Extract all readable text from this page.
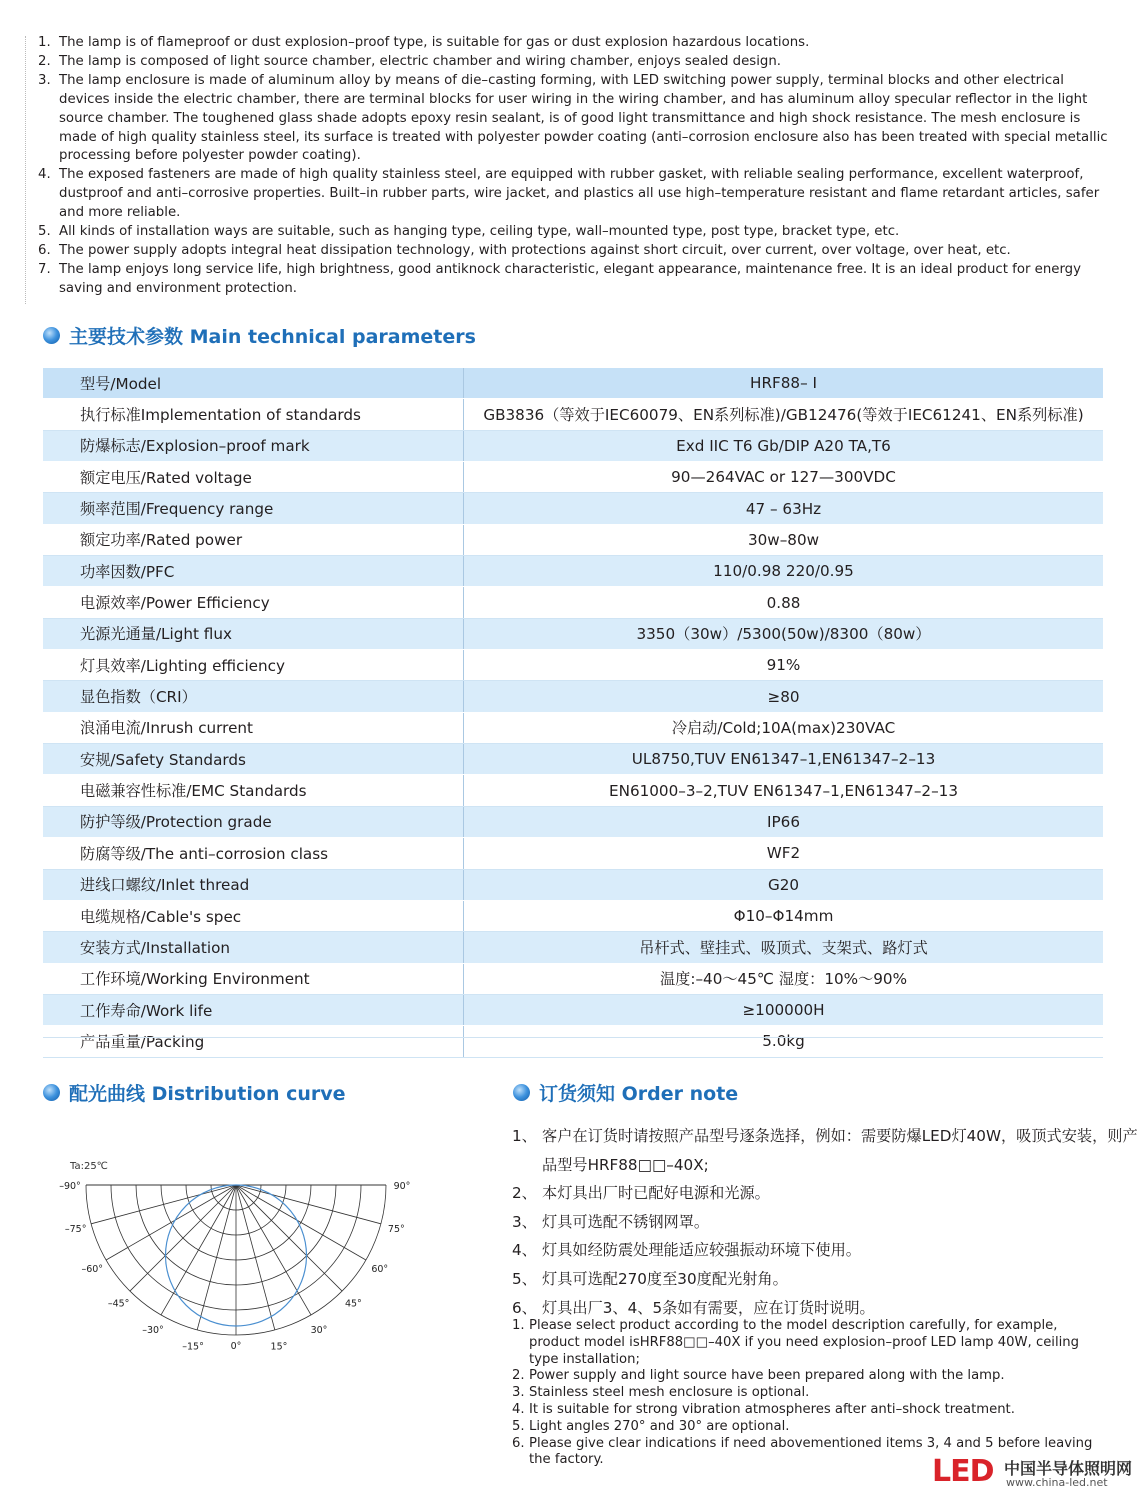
1. The lamp is of flameproof or dust explosion–proof type, is suitable for gas or dust explosion hazardous locations.
2. The lamp is composed of light source chamber, electric chamber and wiring chamber, enjoys sealed design.
3. The lamp enclosure is made of aluminum alloy by means of die–casting forming, with LED switching power supply, terminal blocks and other electrical devices inside the electric chamber, there are terminal blocks for user wiring in the wiring chamber, and has aluminum alloy specular reflector in the light source chamber. The toughened glass shade adopts epoxy resin sealant, is of good light transmittance and high shock resistance. The mesh enclosure is made of high quality stainless steel, its surface is treated with polyester powder coating (anti–corrosion enclosure also has been treated with special metallic processing before polyester powder coating).
4. The exposed fasteners are made of high quality stainless steel, are equipped with rubber gasket, with reliable sealing performance, excellent waterproof, dustproof and anti–corrosive properties. Built–in rubber parts, wire jacket, and plastics all use high–temperature resistant and flame retardant articles, safer and more reliable.
5. All kinds of installation ways are suitable, such as hanging type, ceiling type, wall–mounted type, post type, bracket type, etc.
6. The power supply adopts integral heat dissipation technology, with protections against short circuit, over current, over voltage, over heat, etc.
7. The lamp enjoys long service life, high brightness, good antiknock characteristic, elegant appearance, maintenance free. It is an ideal product for energy saving and environment protection.
主要技术参数 Main technical parameters
型号/Model	HRF88– I
执行标准Implementation of standards	GB3836（等效于IEC60079、EN系列标准)/GB12476(等效于IEC61241、EN系列标准)
防爆标志/Explosion–proof mark	Exd IIC T6 Gb/DIP A20 TA,T6
额定电压/Rated voltage	90—264VAC or 127—300VDC
频率范围/Frequency range	47 – 63Hz
额定功率/Rated power	30w–80w
功率因数/PFC	110/0.98 220/0.95
电源效率/Power Efficiency	0.88
光源光通量/Light flux	3350（30w）/5300(50w)/8300（80w）
灯具效率/Lighting efficiency	91%
显色指数（CRI）	≥80
浪涌电流/Inrush current	冷启动/Cold;10A(max)230VAC
安规/Safety Standards	UL8750,TUV EN61347–1,EN61347–2–13
电磁兼容性标准/EMC Standards	EN61000–3–2,TUV EN61347–1,EN61347–2–13
防护等级/Protection grade	IP66
防腐等级/The anti–corrosion class	WF2
进线口螺纹/Inlet thread	G20
电缆规格/Cable's spec	Φ10–Φ14mm
安装方式/Installation	吊杆式、壁挂式、吸顶式、支架式、路灯式
工作环境/Working Environment	温度:–40～45℃ 湿度：10%～90%
工作寿命/Work life	≥100000H
产品重量/Packing	5.0kg
配光曲线 Distribution curve	订货须知 Order note
Ta:25℃
–90°	90°
–75°	75°
–60°	60°
–45°	45°
–30°	30°
–15°	15°
0°
1、 客户在订货时请按照产品型号逐条选择，例如：需要防爆LED灯40W，吸顶式安装，则产品型号HRF88□□–40X;
2、 本灯具出厂时已配好电源和光源。
3、 灯具可选配不锈钢网罩。
4、 灯具如经防震处理能适应较强振动环境下使用。
5、 灯具可选配270度至30度配光射角。
6、 灯具出厂3、4、5条如有需要，应在订货时说明。
1. Please select product according to the model description carefully, for example, product model isHRF88□□–40X if you need explosion–proof LED lamp 40W, ceiling type installation;
2. Power supply and light source have been prepared along with the lamp.
3. Stainless steel mesh enclosure is optional.
4. It is suitable for strong vibration atmospheres after anti–shock treatment.
5. Light angles 270° and 30° are optional.
6. Please give clear indications if need abovementioned items 3, 4 and 5 before leaving the factory.	LED 中国半导体照明网
www.china-led.net
